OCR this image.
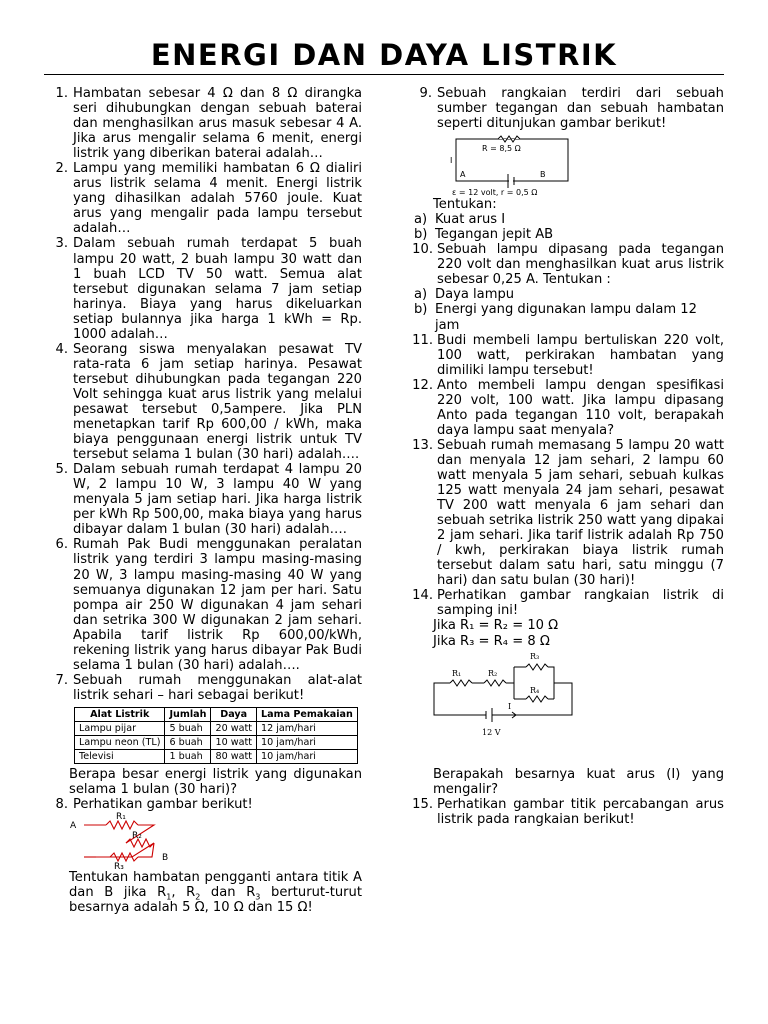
ENERGI DAN DAYA LISTRIK
1. Hambatan sebesar 4 Ω dan 8 Ω dirangka seri dihubungkan dengan sebuah baterai dan menghasilkan arus masuk sebesar 4 A. Jika arus mengalir selama 6 menit, energi listrik yang diberikan baterai adalah…
2. Lampu yang memiliki hambatan 6 Ω dialiri arus listrik selama 4 menit. Energi listrik yang dihasilkan adalah 5760 joule. Kuat arus yang mengalir pada lampu tersebut adalah…
3. Dalam sebuah rumah terdapat 5 buah lampu 20 watt, 2 buah lampu 30 watt dan 1 buah LCD TV 50 watt. Semua alat tersebut digunakan selama 7 jam setiap harinya. Biaya yang harus dikeluarkan setiap bulannya jika harga 1 kWh = Rp. 1000 adalah…
4. Seorang siswa menyalakan pesawat TV rata-rata 6 jam setiap harinya. Pesawat tersebut dihubungkan pada tegangan 220 Volt sehingga kuat arus listrik yang melalui pesawat tersebut 0,5ampere. Jika PLN menetapkan tarif Rp 600,00 / kWh, maka biaya penggunaan energi listrik untuk TV tersebut selama 1 bulan (30 hari) adalah….
5. Dalam sebuah rumah terdapat 4 lampu 20 W, 2 lampu 10 W, 3 lampu 40 W yang menyala 5 jam setiap hari. Jika harga listrik per kWh Rp 500,00, maka biaya yang harus dibayar dalam 1 bulan (30 hari) adalah….
6. Rumah Pak Budi menggunakan peralatan listrik yang terdiri 3 lampu masing-masing 20 W, 3 lampu masing-masing 40 W yang semuanya digunakan 12 jam per hari. Satu pompa air 250 W digunakan 4 jam sehari dan setrika 300 W digunakan 2 jam sehari. Apabila tarif listrik Rp 600,00/kWh, rekening listrik yang harus dibayar Pak Budi selama 1 bulan (30 hari) adalah….
7. Sebuah rumah menggunakan alat-alat listrik sehari – hari sebagai berikut!
Alat Listrik	Jumlah	Daya	Lama Pemakaian
Lampu pijar	5 buah	20 watt	12 jam/hari
Lampu neon (TL)	6 buah	10 watt	10 jam/hari
Televisi	1 buah	80 watt	10 jam/hari
Berapa besar energi listrik yang digunakan selama 1 bulan (30 hari)?
8. Perhatikan gambar berikut!
A
R₁
R₂
R₃
B
Tentukan hambatan pengganti antara titik A dan B jika $R_1$, $R_2$ dan $R_3$ berturut-turut besarnya adalah 5 Ω, 10 Ω dan 15 Ω!
9. Sebuah rangkaian terdiri dari sebuah sumber tegangan dan sebuah hambatan seperti ditunjukan gambar berikut!
R = 8,5 Ω
I
A	B
ε = 12 volt, r = 0,5 Ω
Tentukan:
a) Kuat arus I
b) Tegangan jepit AB
10. Sebuah lampu dipasang pada tegangan 220 volt dan menghasilkan kuat arus listrik sebesar 0,25 A. Tentukan :
a) Daya lampu
b) Energi yang digunakan lampu dalam 12 jam
11. Budi membeli lampu bertuliskan 220 volt, 100 watt, perkirakan hambatan yang dimiliki lampu tersebut!
12. Anto membeli lampu dengan spesifikasi 220 volt, 100 watt. Jika lampu dipasang Anto pada tegangan 110 volt, berapakah daya lampu saat menyala?
13. Sebuah rumah memasang 5 lampu 20 watt dan menyala 12 jam sehari, 2 lampu 60 watt menyala 5 jam sehari, sebuah kulkas 125 watt menyala 24 jam sehari, pesawat TV 200 watt menyala 6 jam sehari dan sebuah setrika listrik 250 watt yang dipakai 2 jam sehari. Jika tarif listrik adalah Rp 750 / kwh, perkirakan biaya listrik rumah tersebut dalam satu hari, satu minggu (7 hari) dan satu bulan (30 hari)!
14. Perhatikan gambar rangkaian listrik di samping ini!
Jika R₁ = R₂ = 10 Ω
Jika R₃ = R₄ = 8 Ω
R₁	R₂
R₃
R₄
I
12 V
Berapakah besarnya kuat arus (I) yang mengalir?
15. Perhatikan gambar titik percabangan arus listrik pada rangkaian berikut!
